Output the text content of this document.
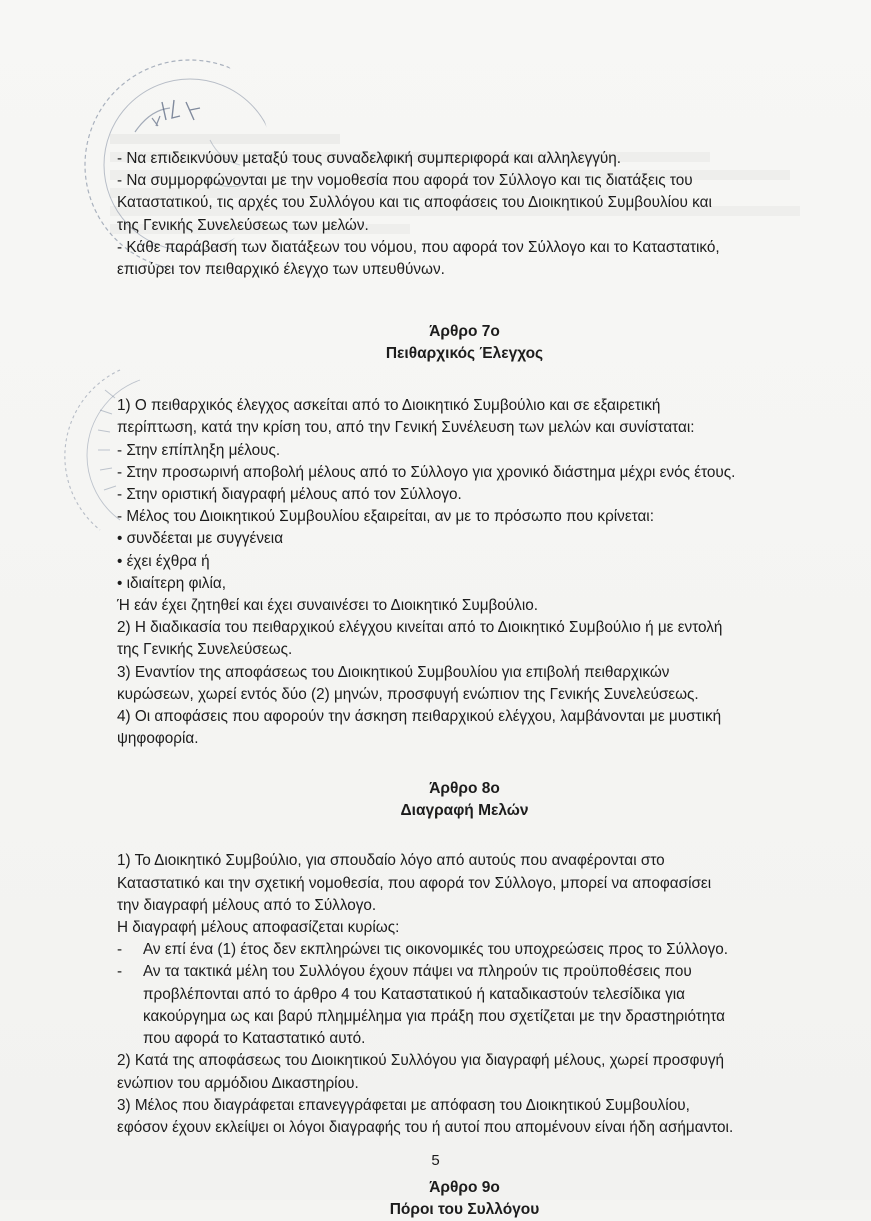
- Να επιδεικνύουν μεταξύ τους συναδελφική συμπεριφορά και αλληλεγγύη.
- Να συμμορφώνονται με την νομοθεσία που αφορά τον Σύλλογο και τις διατάξεις του
Καταστατικού, τις αρχές του Συλλόγου και τις αποφάσεις του Διοικητικού Συμβουλίου και
της Γενικής Συνελεύσεως των μελών.
- Κάθε παράβαση των διατάξεων του νόμου, που αφορά τον Σύλλογο και το Καταστατικό,
επισύρει τον πειθαρχικό έλεγχο των υπευθύνων.
Άρθρο 7ο
Πειθαρχικός Έλεγχος
1) Ο πειθαρχικός έλεγχος ασκείται από το Διοικητικό Συμβούλιο και σε εξαιρετική
περίπτωση, κατά την κρίση του, από την Γενική Συνέλευση των μελών και συνίσταται:
- Στην επίπληξη μέλους.
- Στην προσωρινή αποβολή μέλους από το Σύλλογο για χρονικό διάστημα μέχρι ενός έτους.
- Στην οριστική διαγραφή μέλους από τον Σύλλογο.
- Μέλος του Διοικητικού Συμβουλίου εξαιρείται, αν με το πρόσωπο που κρίνεται:
• συνδέεται με συγγένεια
• έχει έχθρα ή
• ιδιαίτερη φιλία,
Ή εάν έχει ζητηθεί και έχει συναινέσει το Διοικητικό Συμβούλιο.
2) Η διαδικασία του πειθαρχικού ελέγχου κινείται από το Διοικητικό Συμβούλιο ή με εντολή
της Γενικής Συνελεύσεως.
3) Εναντίον της αποφάσεως του Διοικητικού Συμβουλίου για επιβολή πειθαρχικών
κυρώσεων, χωρεί εντός δύο (2) μηνών, προσφυγή ενώπιον της Γενικής Συνελεύσεως.
4) Οι αποφάσεις που αφορούν την άσκηση πειθαρχικού ελέγχου, λαμβάνονται με μυστική
ψηφοφορία.
Άρθρο 8ο
Διαγραφή Μελών
1) Το Διοικητικό Συμβούλιο, για σπουδαίο λόγο από αυτούς που αναφέρονται στο
Καταστατικό και την σχετική νομοθεσία, που αφορά τον Σύλλογο, μπορεί να αποφασίσει
την διαγραφή μέλους από το Σύλλογο.
Η διαγραφή μέλους αποφασίζεται κυρίως:
-	Αν επί ένα (1) έτος δεν εκπληρώνει τις οικονομικές του υποχρεώσεις προς το Σύλλογο.
-	Αν τα τακτικά μέλη του Συλλόγου έχουν πάψει να πληρούν τις προϋποθέσεις που
προβλέπονται από το άρθρο 4 του Καταστατικού ή καταδικαστούν τελεσίδικα για
κακούργημα ως και βαρύ πλημμέλημα για πράξη που σχετίζεται με την δραστηριότητα
που αφορά το Καταστατικό αυτό.
2) Κατά της αποφάσεως του Διοικητικού Συλλόγου για διαγραφή μέλους, χωρεί προσφυγή
ενώπιον του αρμόδιου Δικαστηρίου.
3) Μέλος που διαγράφεται επανεγγράφεται με απόφαση του Διοικητικού Συμβουλίου,
εφόσον έχουν εκλείψει οι λόγοι διαγραφής του ή αυτοί που απομένουν είναι ήδη ασήμαντοι.
Άρθρο 9ο
Πόροι του Συλλόγου
5
